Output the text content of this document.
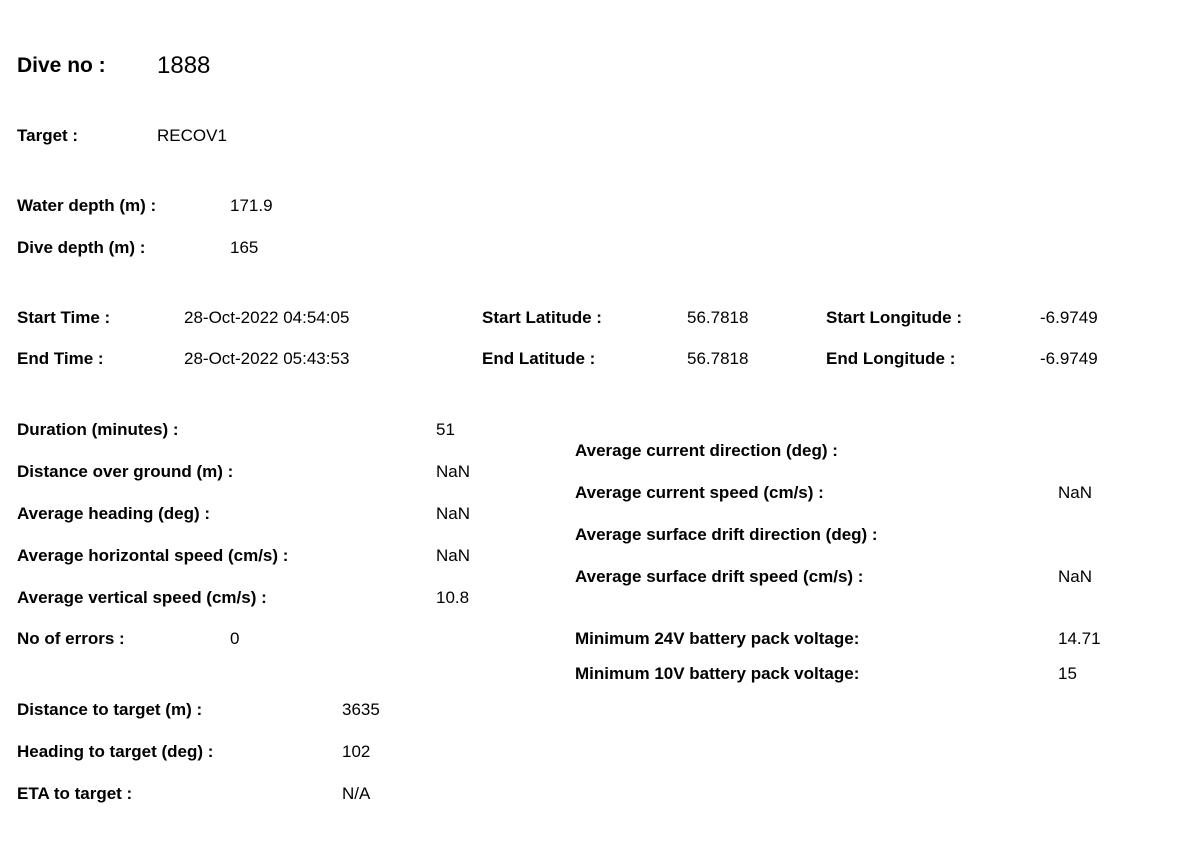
Dive no : 1888
Target :	RECOV1
Water depth (m) :	171.9
Dive depth (m) :	165
Start Time :	28-Oct-2022 04:54:05	Start Latitude :	56.7818	Start Longitude :	-6.9749
End Time :	28-Oct-2022 05:43:53	End Latitude :	56.7818	End Longitude :	-6.9749
Duration (minutes) :	51
Distance over ground (m) :	NaN
Average heading (deg) :	NaN
Average horizontal speed (cm/s) :	NaN
Average vertical speed (cm/s) :	10.8
No of errors :	0
Average current direction (deg) :
Average current speed (cm/s) :	NaN
Average surface drift direction (deg) :
Average surface drift speed (cm/s) :	NaN
Minimum 24V battery pack voltage:	14.71
Minimum 10V battery pack voltage:	15
Distance to target (m) :	3635
Heading to target (deg) :	102
ETA to target :	N/A
